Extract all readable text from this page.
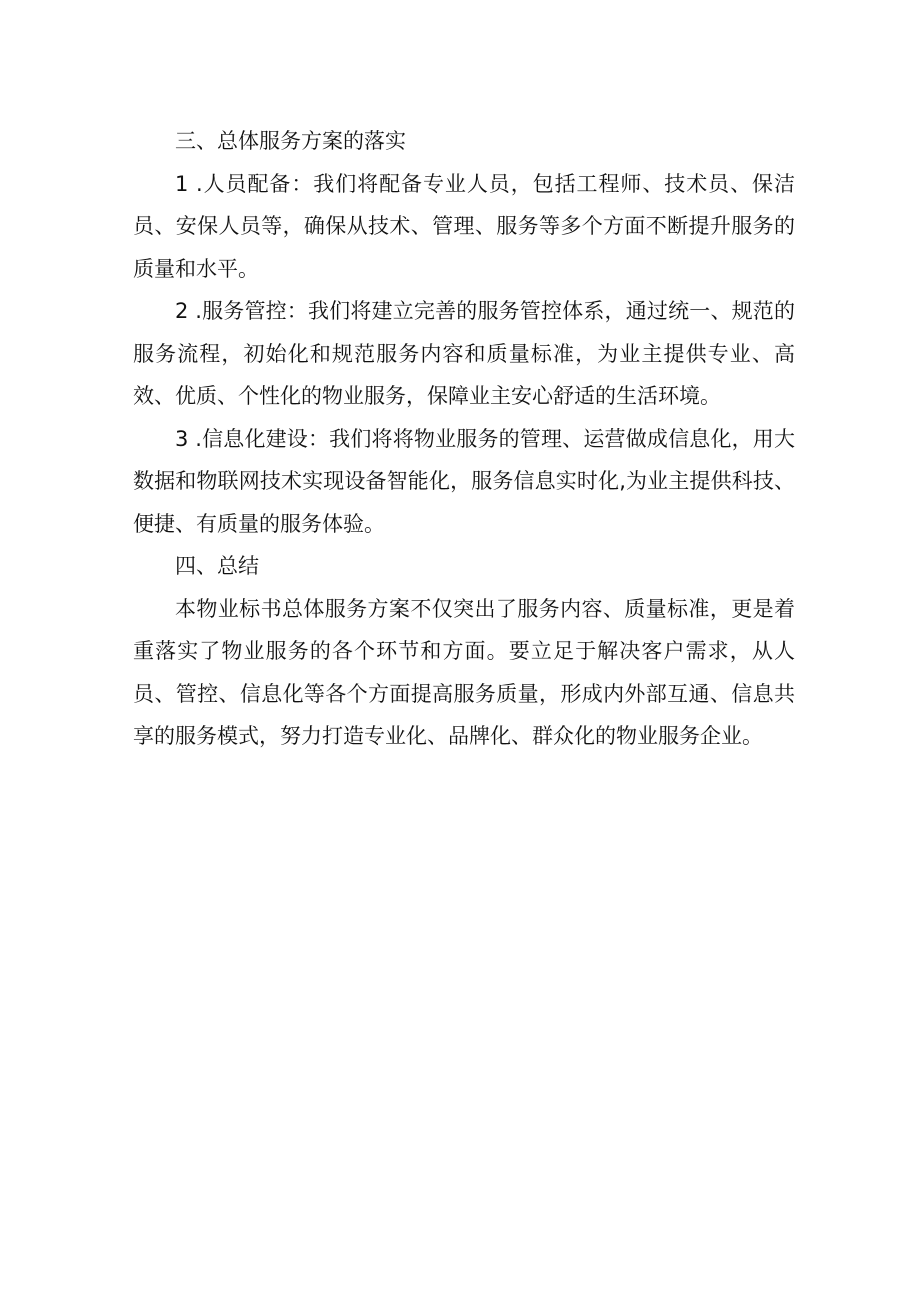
三、总体服务方案的落实

1 .人员配备：我们将配备专业人员，包括工程师、技术员、保洁员、安保人员等，确保从技术、管理、服务等多个方面不断提升服务的质量和水平。

2 .服务管控：我们将建立完善的服务管控体系，通过统一、规范的服务流程，初始化和规范服务内容和质量标准，为业主提供专业、高效、优质、个性化的物业服务，保障业主安心舒适的生活环境。

3 .信息化建设：我们将将物业服务的管理、运营做成信息化，用大数据和物联网技术实现设备智能化，服务信息实时化,为业主提供科技、便捷、有质量的服务体验。

四、总结

本物业标书总体服务方案不仅突出了服务内容、质量标准，更是着重落实了物业服务的各个环节和方面。要立足于解决客户需求，从人员、管控、信息化等各个方面提高服务质量，形成内外部互通、信息共享的服务模式，努力打造专业化、品牌化、群众化的物业服务企业。
